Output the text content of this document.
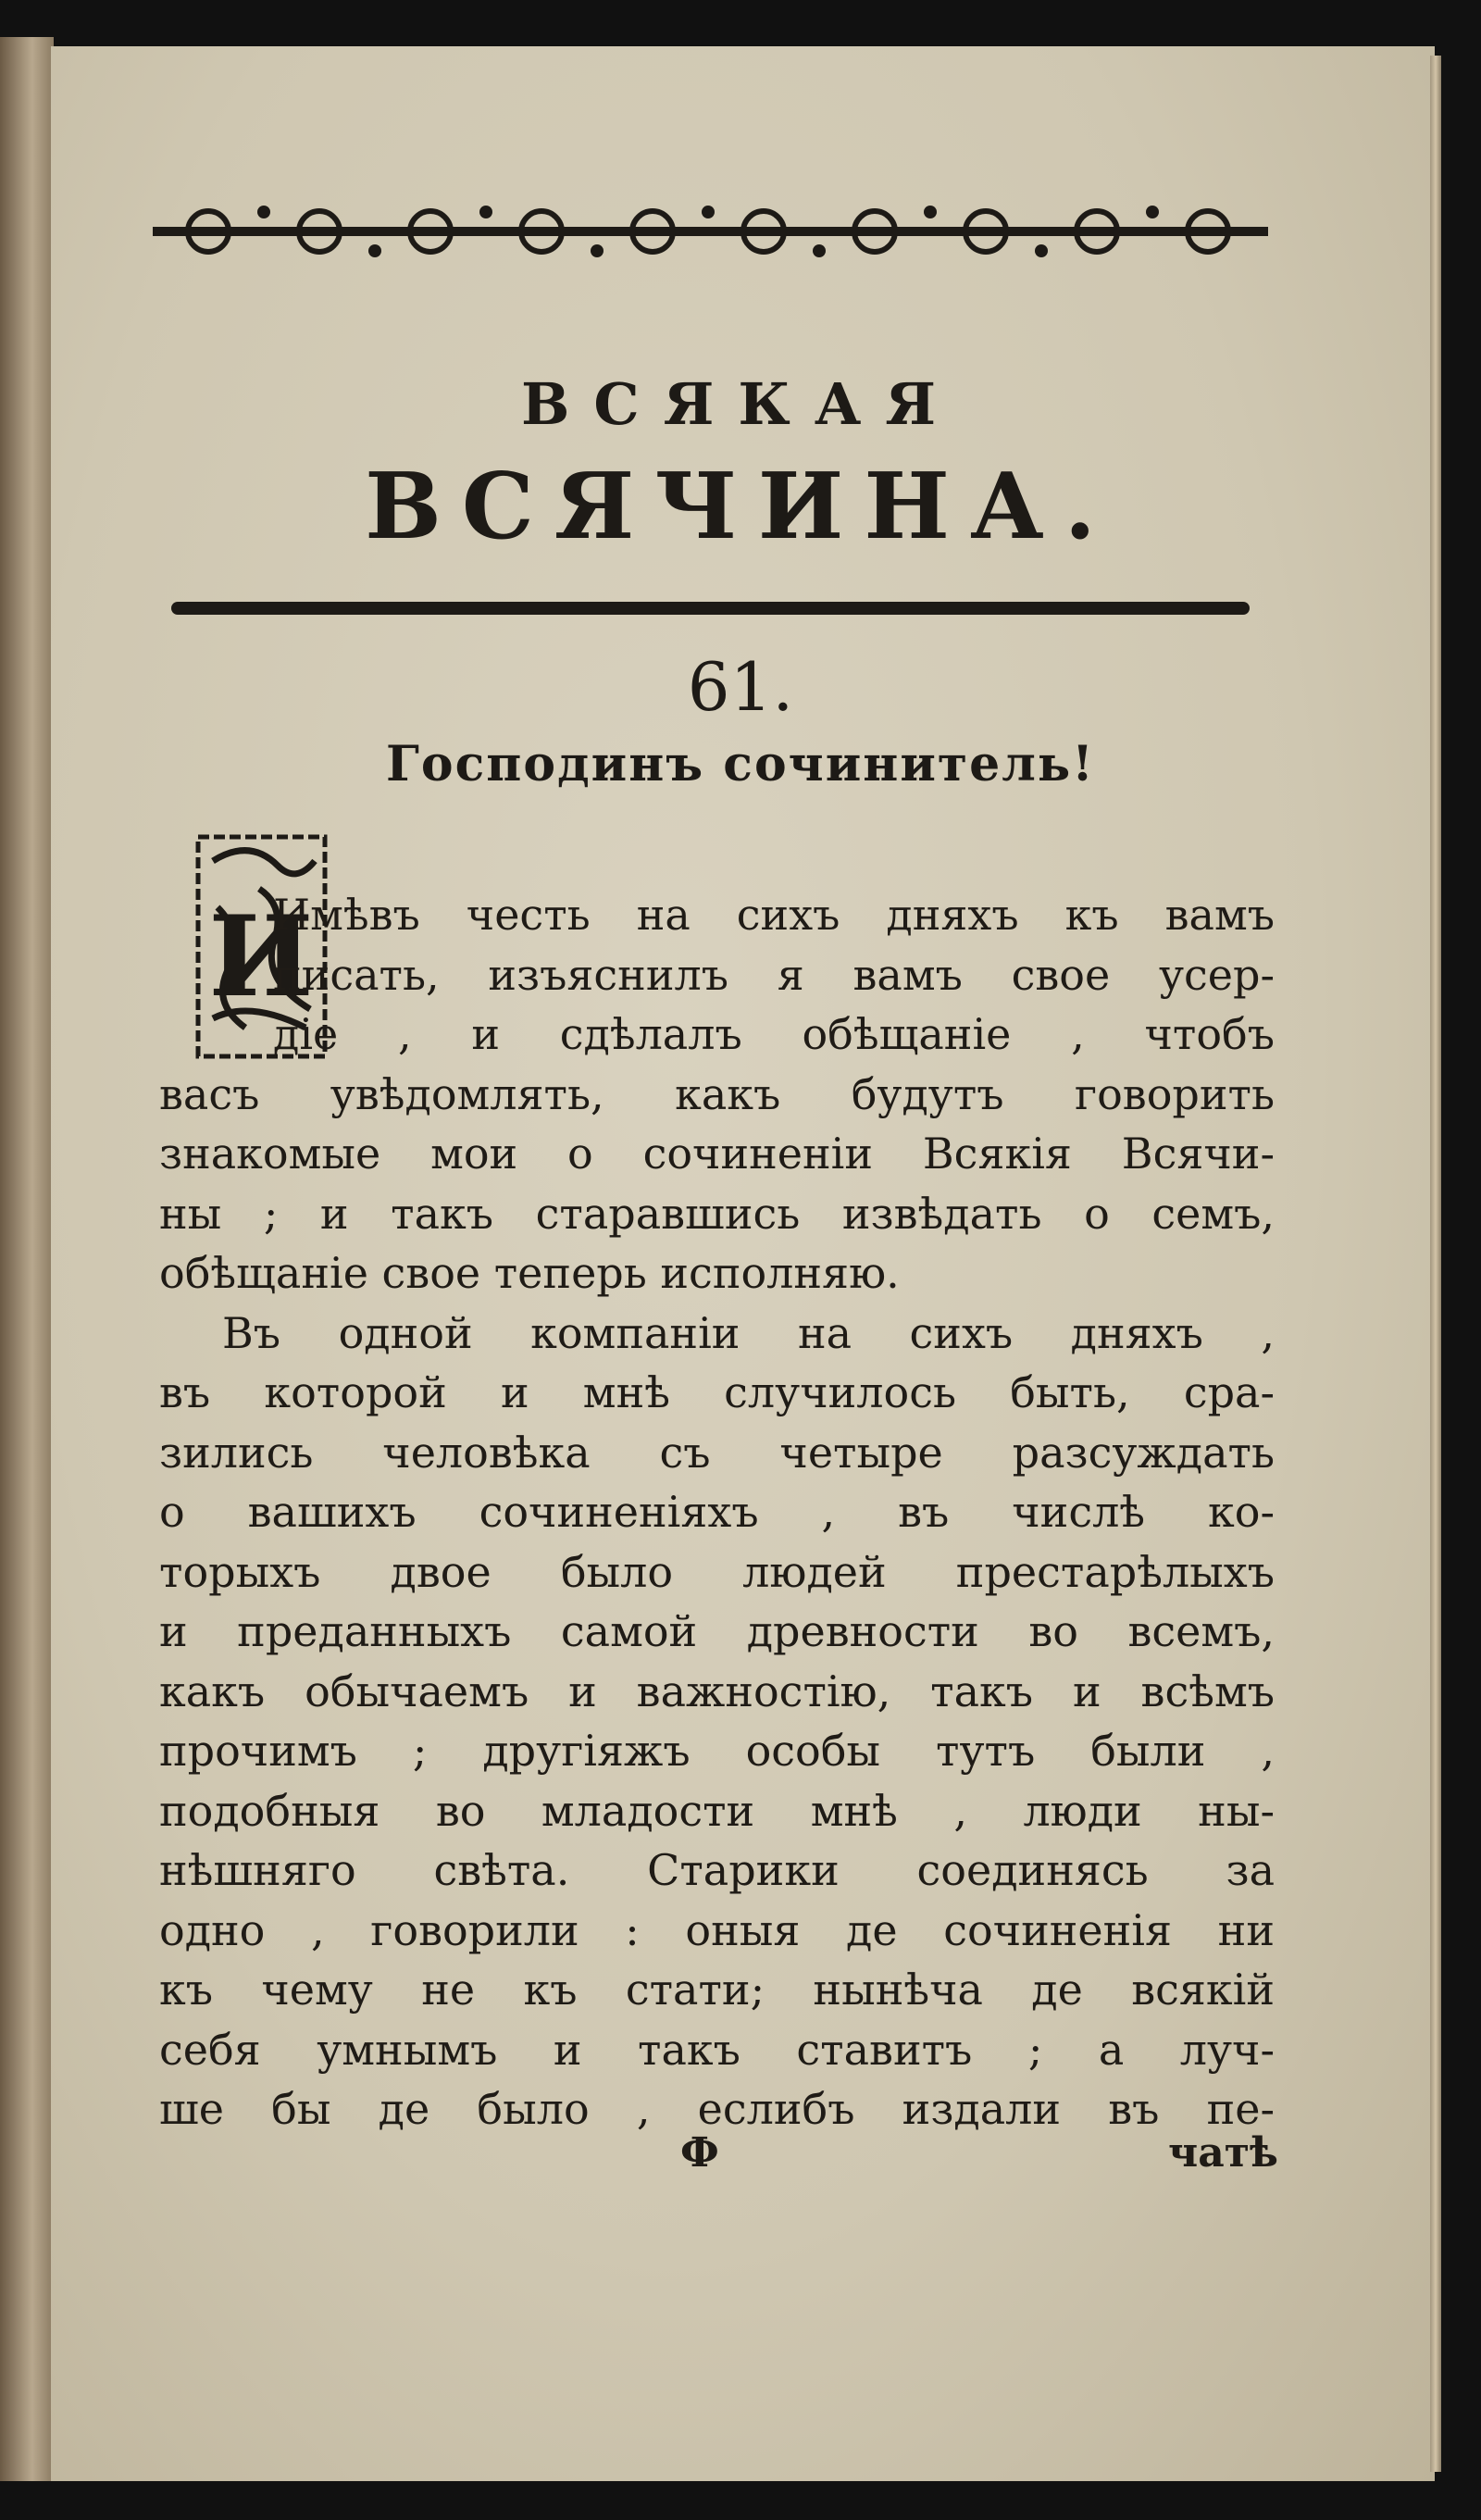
ВСЯКАЯ
ВСЯЧИНА.
61.
Господинъ сочинитель!
И
Имѣвъ честь на сихъ дняхъ къ вамъ
писать, изъяснилъ я вамъ свое усер-
діе , и сдѣлалъ обѣщаніе , чтобъ
васъ увѣдомлять, какъ будутъ говорить
знакомые мои о сочиненіи Всякія Всячи-
ны ; и такъ старавшись извѣдать о семъ,
обѣщаніе свое теперь исполняю.
Въ одной компаніи на сихъ дняхъ ,
въ которой и мнѣ случилось быть, сра-
зились человѣка съ четыре разсуждать
о вашихъ сочиненіяхъ , въ числѣ ко-
торыхъ двое было людей престарѣлыхъ
и преданныхъ самой древности во всемъ,
какъ обычаемъ и важностію, такъ и всѣмъ
прочимъ ; другіяжъ особы тутъ были ,
подобныя во младости мнѣ , люди ны-
нѣшняго свѣта. Старики соединясь за
одно , говорили : оныя де сочиненія ни
къ чему не къ стати; нынѣча де всякій
себя умнымъ и такъ ставитъ ; а луч-
ше бы де было , еслибъ издали въ пе-
Ф	чатѣ
